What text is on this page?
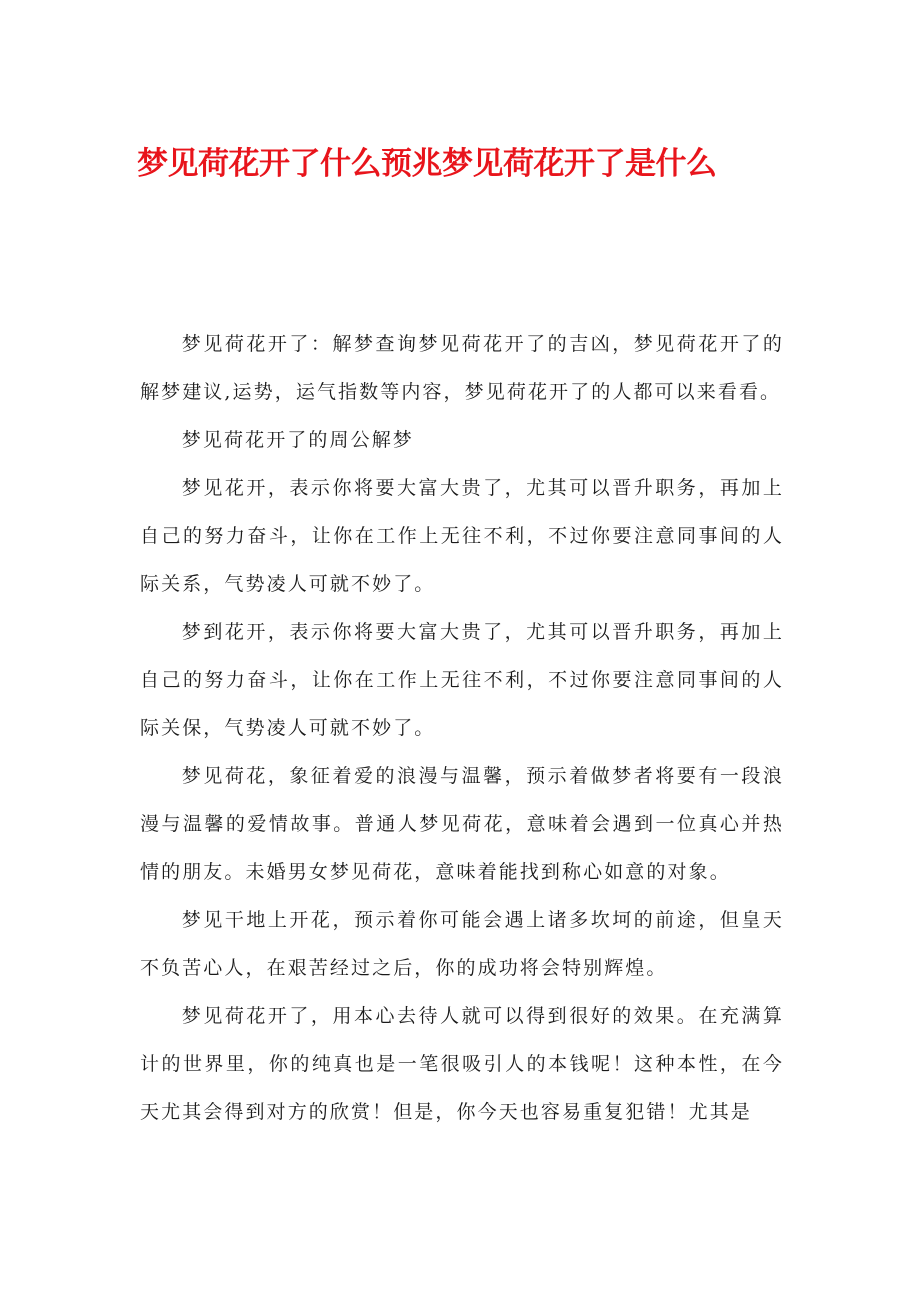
梦见荷花开了什么预兆梦见荷花开了是什么

梦见荷花开了：解梦查询梦见荷花开了的吉凶，梦见荷花开了的解梦建议,运势，运气指数等内容，梦见荷花开了的人都可以来看看。

梦见荷花开了的周公解梦

梦见花开，表示你将要大富大贵了，尤其可以晋升职务，再加上自己的努力奋斗，让你在工作上无往不利，不过你要注意同事间的人际关系，气势凌人可就不妙了。

梦到花开，表示你将要大富大贵了，尤其可以晋升职务，再加上自己的努力奋斗，让你在工作上无往不利，不过你要注意同事间的人际关保，气势凌人可就不妙了。

梦见荷花，象征着爱的浪漫与温馨，预示着做梦者将要有一段浪漫与温馨的爱情故事。普通人梦见荷花，意味着会遇到一位真心并热情的朋友。未婚男女梦见荷花，意味着能找到称心如意的对象。

梦见干地上开花，预示着你可能会遇上诸多坎坷的前途，但皇天不负苦心人，在艰苦经过之后，你的成功将会特别辉煌。

梦见荷花开了，用本心去待人就可以得到很好的效果。在充满算计的世界里，你的纯真也是一笔很吸引人的本钱呢！这种本性，在今天尤其会得到对方的欣赏！但是，你今天也容易重复犯错！尤其是
